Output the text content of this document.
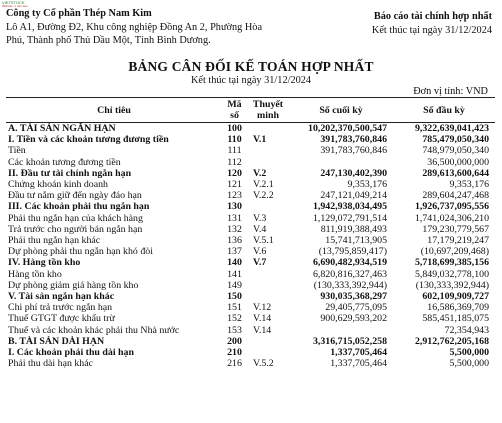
VIETSTOCK
Website: 1 van dau
Công ty Cổ phần Thép Nam Kim
Lô A1, Đường Đ2, Khu công nghiệp Đồng An 2, Phường Hòa
Phú, Thành phố Thủ Dầu Một, Tỉnh Bình Dương.
Báo cáo tài chính hợp nhất
Kết thúc tại ngày 31/12/2024
BẢNG CÂN ĐỐI KẾ TOÁN HỢP NHẤT
Kết thúc tại ngày 31/12/2024
Đơn vị tính: VND
Chỉ tiêu	Mã số	Thuyết minh	Số cuối kỳ	Số đầu kỳ
A. TÀI SẢN NGẮN HẠN	100		10,202,370,500,547	9,322,639,041,423
I. Tiền và các khoản tương đương tiền	110	V.1	391,783,760,846	785,479,050,340
Tiền	111		391,783,760,846	748,979,050,340
Các khoản tương đương tiền	112			36,500,000,000
II. Đầu tư tài chính ngắn hạn	120	V.2	247,130,402,390	289,613,600,644
Chứng khoán kinh doanh	121	V.2.1	9,353,176	9,353,176
Đầu tư nắm giữ đến ngày đáo hạn	123	V.2.2	247,121,049,214	289,604,247,468
III. Các khoản phải thu ngắn hạn	130		1,942,938,034,495	1,926,737,095,556
Phải thu ngắn hạn của khách hàng	131	V.3	1,129,072,791,514	1,741,024,306,210
Trả trước cho người bán ngắn hạn	132	V.4	811,919,388,493	179,230,779,567
Phải thu ngắn hạn khác	136	V.5.1	15,741,713,905	17,179,219,247
Dự phòng phải thu ngắn hạn khó đòi	137	V.6	(13,795,859,417)	(10,697,209,468)
IV. Hàng tồn kho	140	V.7	6,690,482,934,519	5,718,699,385,156
Hàng tồn kho	141		6,820,816,327,463	5,849,032,778,100
Dự phòng giảm giá hàng tồn kho	149		(130,333,392,944)	(130,333,392,944)
V. Tài sản ngắn hạn khác	150		930,035,368,297	602,109,909,727
Chi phí trả trước ngắn hạn	151	V.12	29,405,775,095	16,586,369,709
Thuế GTGT được khấu trừ	152	V.14	900,629,593,202	585,451,185,075
Thuế và các khoản khác phải thu Nhà nước	153	V.14		72,354,943
B. TÀI SẢN DÀI HẠN	200		3,316,715,052,258	2,912,762,205,168
I. Các khoản phải thu dài hạn	210		1,337,705,464	5,500,000
Phải thu dài hạn khác	216	V.5.2	1,337,705,464	5,500,000
